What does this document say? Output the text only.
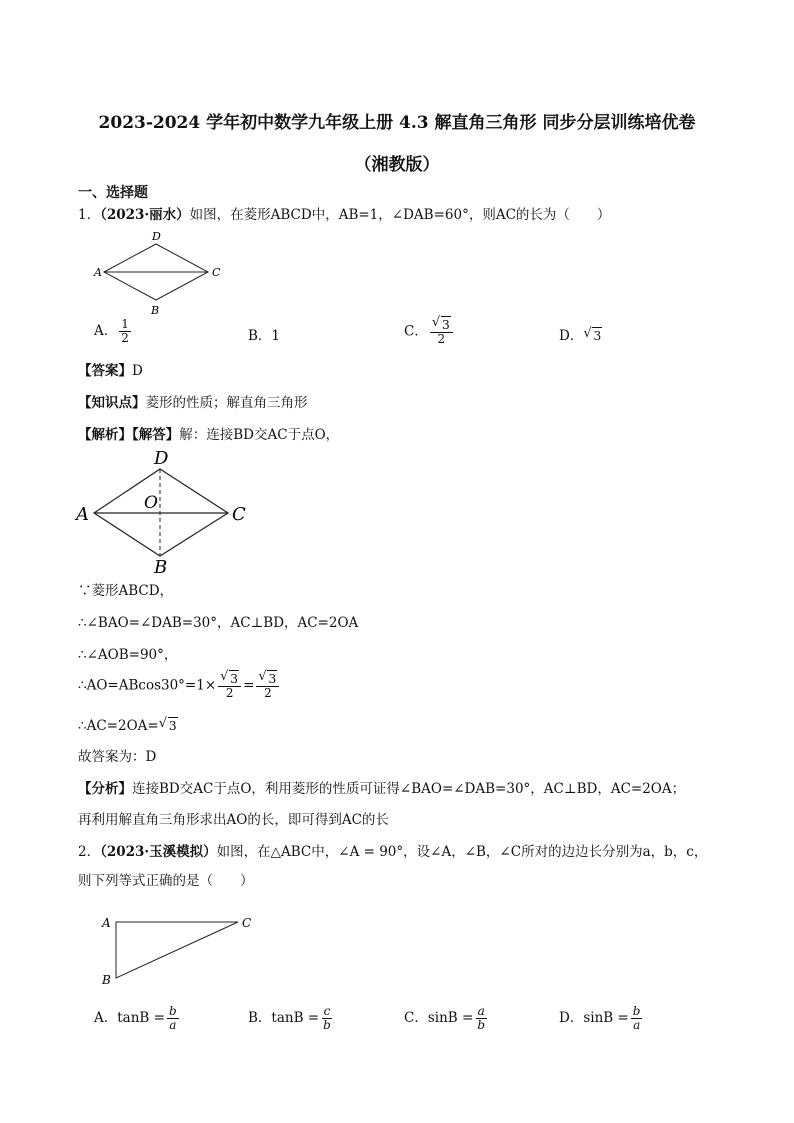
2023-2024 学年初中数学九年级上册 4.3 解直角三角形 同步分层训练培优卷
（湘教版）
一、选择题
1．（2023·丽水）如图，在菱形ABCD中，AB=1，∠DAB=60°，则AC的长为（　　）
A
D
C
B
A． $\frac{1}{2}$	B．1	C． √ $\frac{3}{2}$	D． √ 3
【答案】D
【知识点】菱形的性质；解直角三角形
【解析】【解答】解：连接BD交AC于点O，
A
D
C
B
O
∵菱形ABCD，
∴∠BAO=∠DAB=30°，AC⊥BD，AC=2OA
∴∠AOB=90°，
∴AO=ABcos30°=1× √ $\frac{3}{2}$ = √ $\frac{3}{2}$
∴AC=2OA= √ 3
故答案为：D
【分析】连接BD交AC于点O，利用菱形的性质可证得∠BAO=∠DAB=30°，AC⊥BD，AC=2OA；
再利用解直角三角形求出AO的长，即可得到AC的长
2．（2023·玉溪模拟）如图，在△ABC中，∠A = 90°，设∠A，∠B，∠C所对的边边长分别为a，b，c，
则下列等式正确的是（　　）
A	C
B
A．$\tan B = \frac{b}{a}$	B．$\tan B = \frac{c}{b}$	C．$\sin B = \frac{a}{b}$	D．$\sin B = \frac{b}{a}$
